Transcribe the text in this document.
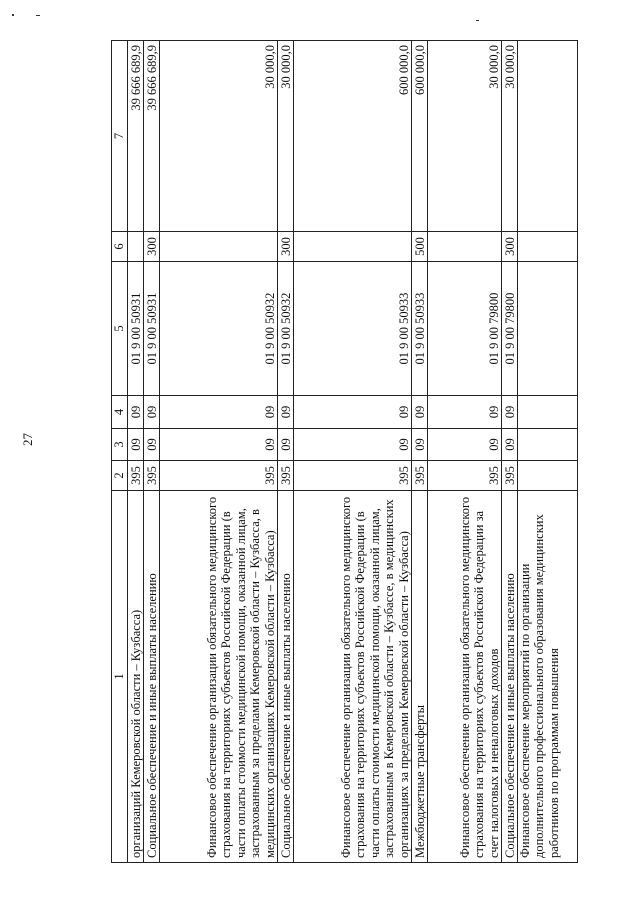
27
1	2	3	4	5	6	7
организаций Кемеровской области – Кузбасса)	395	09	09	01 9 00 50931		39 666 689,9
Социальное обеспечение и иные выплаты населению	395	09	09	01 9 00 50931	300	39 666 689,9
Финансовое обеспечение организации обязательного медицинского страхования на территориях субъектов Российской Федерации (в части оплаты стоимости медицинской помощи, оказанной лицам, застрахованным за пределами Кемеровской области – Кузбасса, в медицинских организациях Кемеровской области – Кузбасса)	395	09	09	01 9 00 50932		30 000,0
Социальное обеспечение и иные выплаты населению	395	09	09	01 9 00 50932	300	30 000,0
Финансовое обеспечение организации обязательного медицинского страхования на территориях субъектов Российской Федерации (в части оплаты стоимости медицинской помощи, оказанной лицам, застрахованным в Кемеровской области – Кузбассе, в медицинских организациях за пределами Кемеровской области – Кузбасса)	395	09	09	01 9 00 50933		600 000,0
Межбюджетные трансферты	395	09	09	01 9 00 50933	500	600 000,0
Финансовое обеспечение организации обязательного медицинского страхования на территориях субъектов Российской Федерации за счет налоговых и неналоговых доходов	395	09	09	01 9 00 79800		30 000,0
Социальное обеспечение и иные выплаты населению	395	09	09	01 9 00 79800	300	30 000,0
Финансовое обеспечение мероприятий по организации дополнительного профессионального образования медицинских работников по программам повышения						
